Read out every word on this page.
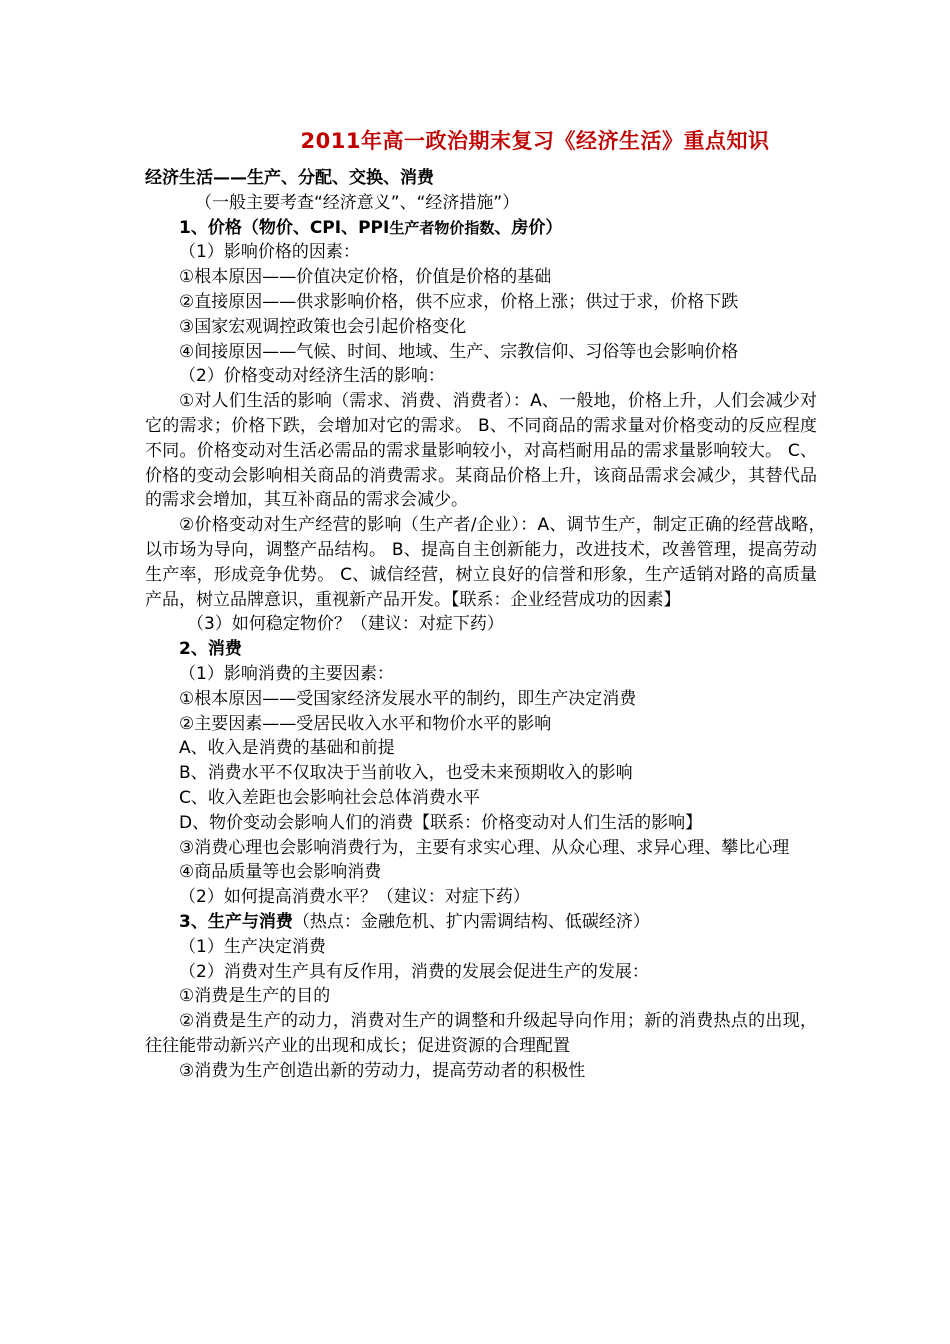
2011年高一政治期末复习《经济生活》重点知识

经济生活——生产、分配、交换、消费

（一般主要考查“经济意义”、“经济措施”）

1、价格（物价、CPI、PPI生产者物价指数、房价）

（1）影响价格的因素：

①根本原因——价值决定价格，价值是价格的基础

②直接原因——供求影响价格，供不应求，价格上涨；供过于求，价格下跌

③国家宏观调控政策也会引起价格变化

④间接原因——气候、时间、地域、生产、宗教信仰、习俗等也会影响价格

（2）价格变动对经济生活的影响：

①对人们生活的影响（需求、消费、消费者）：A、一般地，价格上升，人们会减少对它的需求；价格下跌，会增加对它的需求。 B、不同商品的需求量对价格变动的反应程度不同。价格变动对生活必需品的需求量影响较小，对高档耐用品的需求量影响较大。 C、价格的变动会影响相关商品的消费需求。某商品价格上升，该商品需求会减少，其替代品的需求会增加，其互补商品的需求会减少。

②价格变动对生产经营的影响（生产者/企业）：A、调节生产，制定正确的经营战略，　以市场为导向，调整产品结构。 B、提高自主创新能力，改进技术，改善管理，提高劳动生产率，形成竞争优势。 C、诚信经营，树立良好的信誉和形象，生产适销对路的高质量产品，树立品牌意识，重视新产品开发。【联系：企业经营成功的因素】

（3）如何稳定物价？（建议：对症下药）

2、消费

（1）影响消费的主要因素：

①根本原因——受国家经济发展水平的制约，即生产决定消费

②主要因素——受居民收入水平和物价水平的影响

A、收入是消费的基础和前提

B、消费水平不仅取决于当前收入，也受未来预期收入的影响

C、收入差距也会影响社会总体消费水平

D、物价变动会影响人们的消费【联系：价格变动对人们生活的影响】

③消费心理也会影响消费行为，主要有求实心理、从众心理、求异心理、攀比心理

④商品质量等也会影响消费

（2）如何提高消费水平？（建议：对症下药）

3、生产与消费（热点：金融危机、扩内需调结构、低碳经济）

（1）生产决定消费

（2）消费对生产具有反作用，消费的发展会促进生产的发展：

①消费是生产的目的

②消费是生产的动力，消费对生产的调整和升级起导向作用；新的消费热点的出现，往往能带动新兴产业的出现和成长；促进资源的合理配置

③消费为生产创造出新的劳动力，提高劳动者的积极性
